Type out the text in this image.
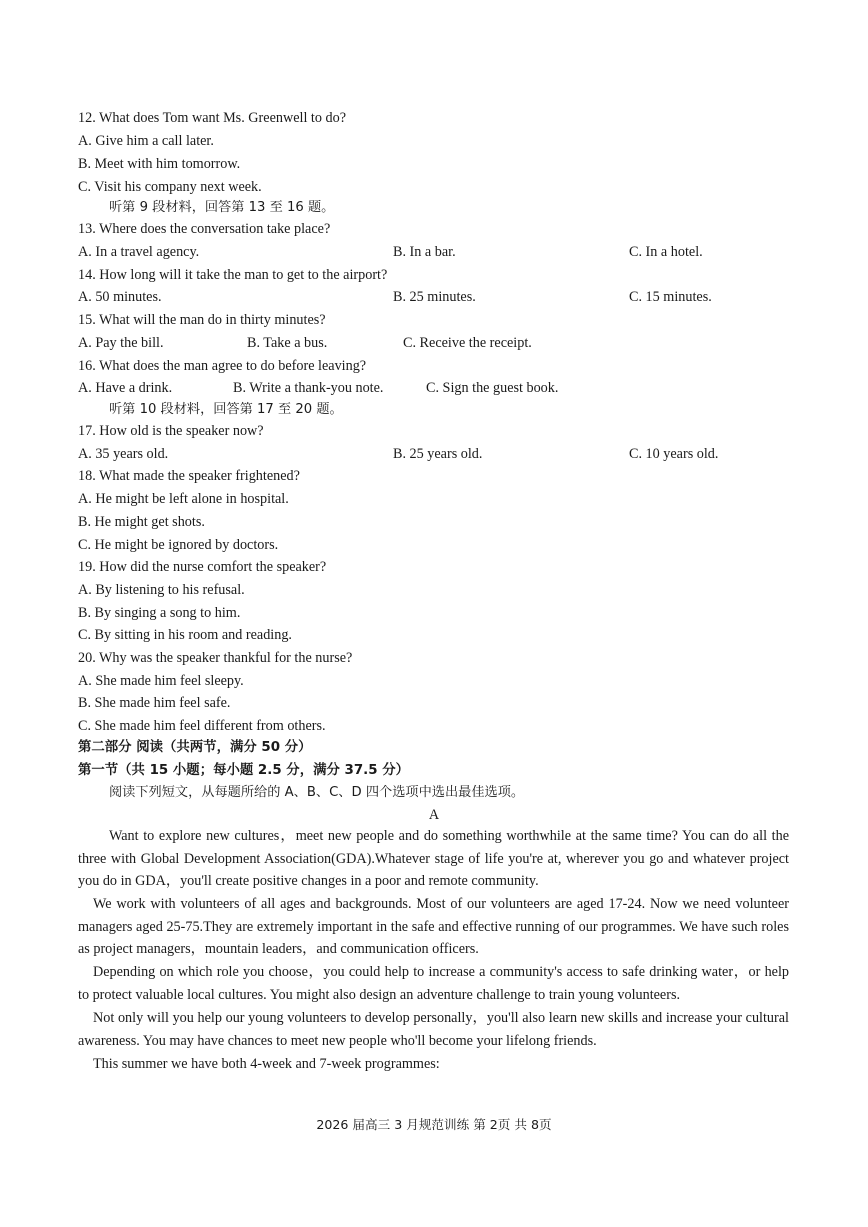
12. What does Tom want Ms. Greenwell to do?
A. Give him a call later.
B. Meet with him tomorrow.
C. Visit his company next week.
听第 9 段材料，回答第 13 至 16 题。
13. Where does the conversation take place?
A. In a travel agency.	B. In a bar.	C. In a hotel.
14. How long will it take the man to get to the airport?
A. 50 minutes.	B. 25 minutes.	C. 15 minutes.
15. What will the man do in thirty minutes?
A. Pay the bill.	B. Take a bus.	C. Receive the receipt.
16. What does the man agree to do before leaving?
A. Have a drink.	B. Write a thank-you note.	C. Sign the guest book.
听第 10 段材料，回答第 17 至 20 题。
17. How old is the speaker now?
A. 35 years old.	B. 25 years old.	C. 10 years old.
18. What made the speaker frightened?
A. He might be left alone in hospital.
B. He might get shots.
C. He might be ignored by doctors.
19. How did the nurse comfort the speaker?
A. By listening to his refusal.
B. By singing a song to him.
C. By sitting in his room and reading.
20. Why was the speaker thankful for the nurse?
A. She made him feel sleepy.
B. She made him feel safe.
C. She made him feel different from others.
第二部分 阅读（共两节，满分 50 分）
第一节（共 15 小题；每小题 2.5 分，满分 37.5 分）
阅读下列短文，从每题所给的 A、B、C、D 四个选项中选出最佳选项。
A
Want to explore new cultures，meet new people and do something worthwhile at the same time? You can do all the three with Global Development Association(GDA).Whatever stage of life you're at, wherever you go and whatever project you do in GDA，you'll create positive changes in a poor and remote community.
We work with volunteers of all ages and backgrounds. Most of our volunteers are aged 17-24. Now we need volunteer managers aged 25-75.They are extremely important in the safe and effective running of our programmes. We have such roles as project managers，mountain leaders，and communication officers.
Depending on which role you choose，you could help to increase a community's access to safe drinking water，or help to protect valuable local cultures. You might also design an adventure challenge to train young volunteers.
Not only will you help our young volunteers to develop personally，you'll also learn new skills and increase your cultural awareness. You may have chances to meet new people who'll become your lifelong friends.
This summer we have both 4-week and 7-week programmes:
2026 届高三 3 月规范训练 第 2页 共 8页
